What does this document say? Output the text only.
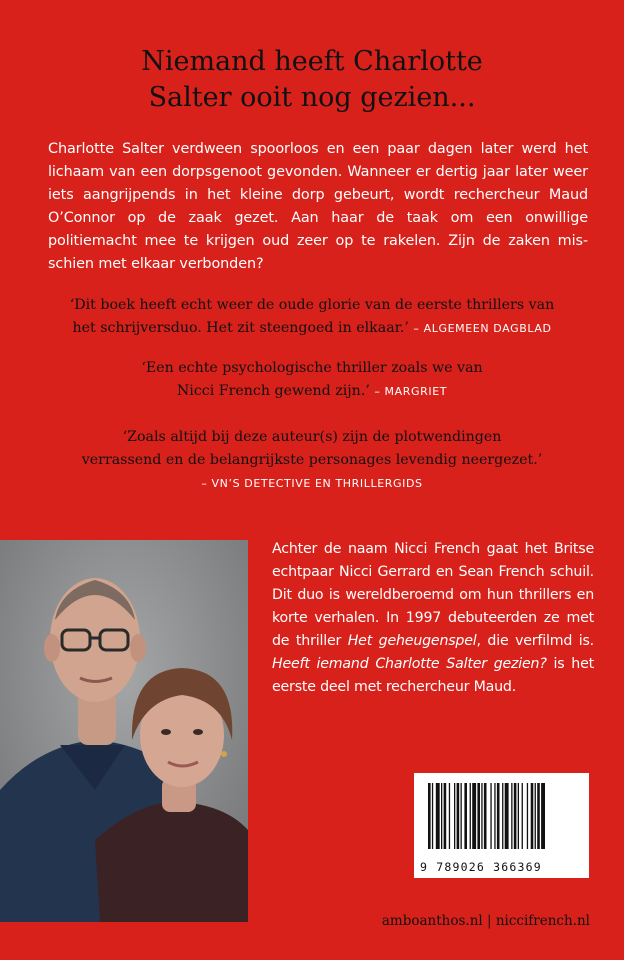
Niemand heeft Charlotte
Salter ooit nog gezien...
Charlotte Salter verdween spoorloos en een paar dagen later werd het lichaam van een dorpsgenoot gevonden. Wanneer er dertig jaar later weer iets aangrijpends in het kleine dorp gebeurt, wordt rechercheur Maud O’Connor op de zaak gezet. Aan haar de taak om een onwillige politiemacht mee te krijgen oud zeer op te rakelen. Zijn de zaken mis-schien met elkaar verbonden?
‘Dit boek heeft echt weer de oude glorie van de eerste thrillers van
het schrijversduo. Het zit steengoed in elkaar.’ – ALGEMEEN DAGBLAD
‘Een echte psychologische thriller zoals we van
Nicci French gewend zijn.’ – MARGRIET
‘Zoals altijd bij deze auteur(s) zijn de plotwendingen
verrassend en de belangrijkste personages levendig neergezet.’
– VN’S DETECTIVE EN THRILLERGIDS
Achter de naam Nicci French gaat het Britse echtpaar Nicci Gerrard en Sean French schuil. Dit duo is wereldberoemd om hun thrillers en korte verhalen. In 1997 debuteerden ze met de thriller Het geheugenspel, die verfilmd is. Heeft iemand Charlotte Salter gezien? is het eerste deel met rechercheur Maud.
9 789026 366369
amboanthos.nl | niccifrench.nl
